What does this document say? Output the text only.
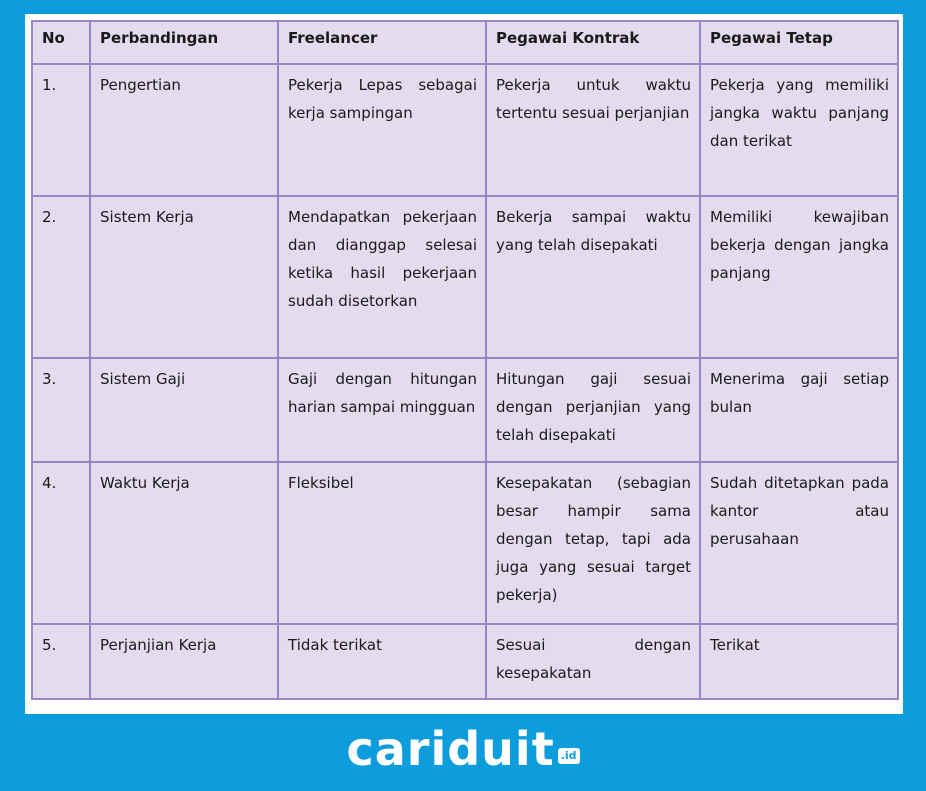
No	Perbandingan	Freelancer	Pegawai Kontrak	Pegawai Tetap
1.	Pengertian	Pekerja Lepas sebagai kerja sampingan	Pekerja untuk waktu tertentu sesuai perjanjian	Pekerja yang memiliki jangka waktu panjang dan terikat
2.	Sistem Kerja	Mendapatkan pekerjaan dan dianggap selesai ketika hasil pekerjaan sudah disetorkan	Bekerja sampai waktu yang telah disepakati	Memiliki kewajiban bekerja dengan jangka panjang
3.	Sistem Gaji	Gaji dengan hitungan harian sampai mingguan	Hitungan gaji sesuai dengan perjanjian yang telah disepakati	Menerima gaji setiap bulan
4.	Waktu Kerja	Fleksibel	Kesepakatan (sebagian besar hampir sama dengan tetap, tapi ada juga yang sesuai target pekerja)	Sudah ditetapkan pada kantor atau perusahaan
5.	Perjanjian Kerja	Tidak terikat	Sesuai dengan kesepakatan	Terikat
cariduit .id
